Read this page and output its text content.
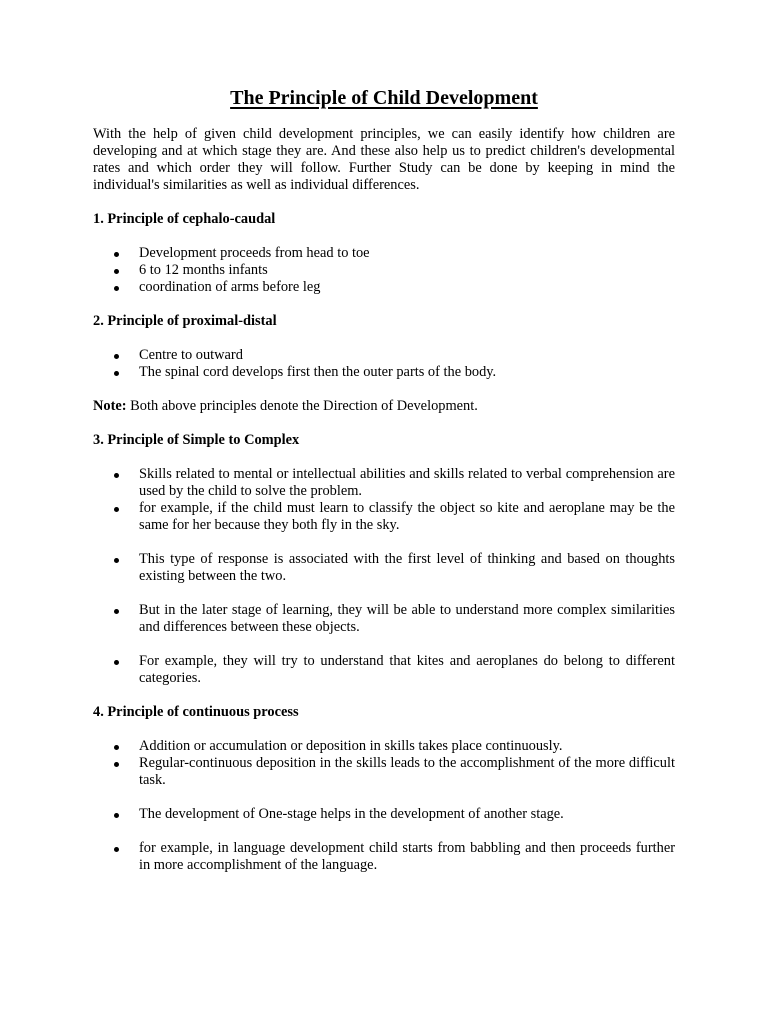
The Principle of Child Development

With the help of given child development principles, we can easily identify how children are developing and at which stage they are. And these also help us to predict children's developmental rates and which order they will follow. Further Study can be done by keeping in mind the individual's similarities as well as individual differences.

1. Principle of cephalo-caudal

Development proceeds from head to toe
6 to 12 months infants
coordination of arms before leg

2. Principle of proximal-distal

Centre to outward
The spinal cord develops first then the outer parts of the body.

Note: Both above principles denote the Direction of Development.

3. Principle of Simple to Complex

Skills related to mental or intellectual abilities and skills related to verbal comprehension are used by the child to solve the problem.
for example, if the child must learn to classify the object so kite and aeroplane may be the same for her because they both fly in the sky.
This type of response is associated with the first level of thinking and based on thoughts existing between the two.
But in the later stage of learning, they will be able to understand more complex similarities and differences between these objects.
For example, they will try to understand that kites and aeroplanes do belong to different categories.

4. Principle of continuous process

Addition or accumulation or deposition in skills takes place continuously.
Regular-continuous deposition in the skills leads to the accomplishment of the more difficult task.
The development of One-stage helps in the development of another stage.
for example, in language development child starts from babbling and then proceeds further in more accomplishment of the language.
